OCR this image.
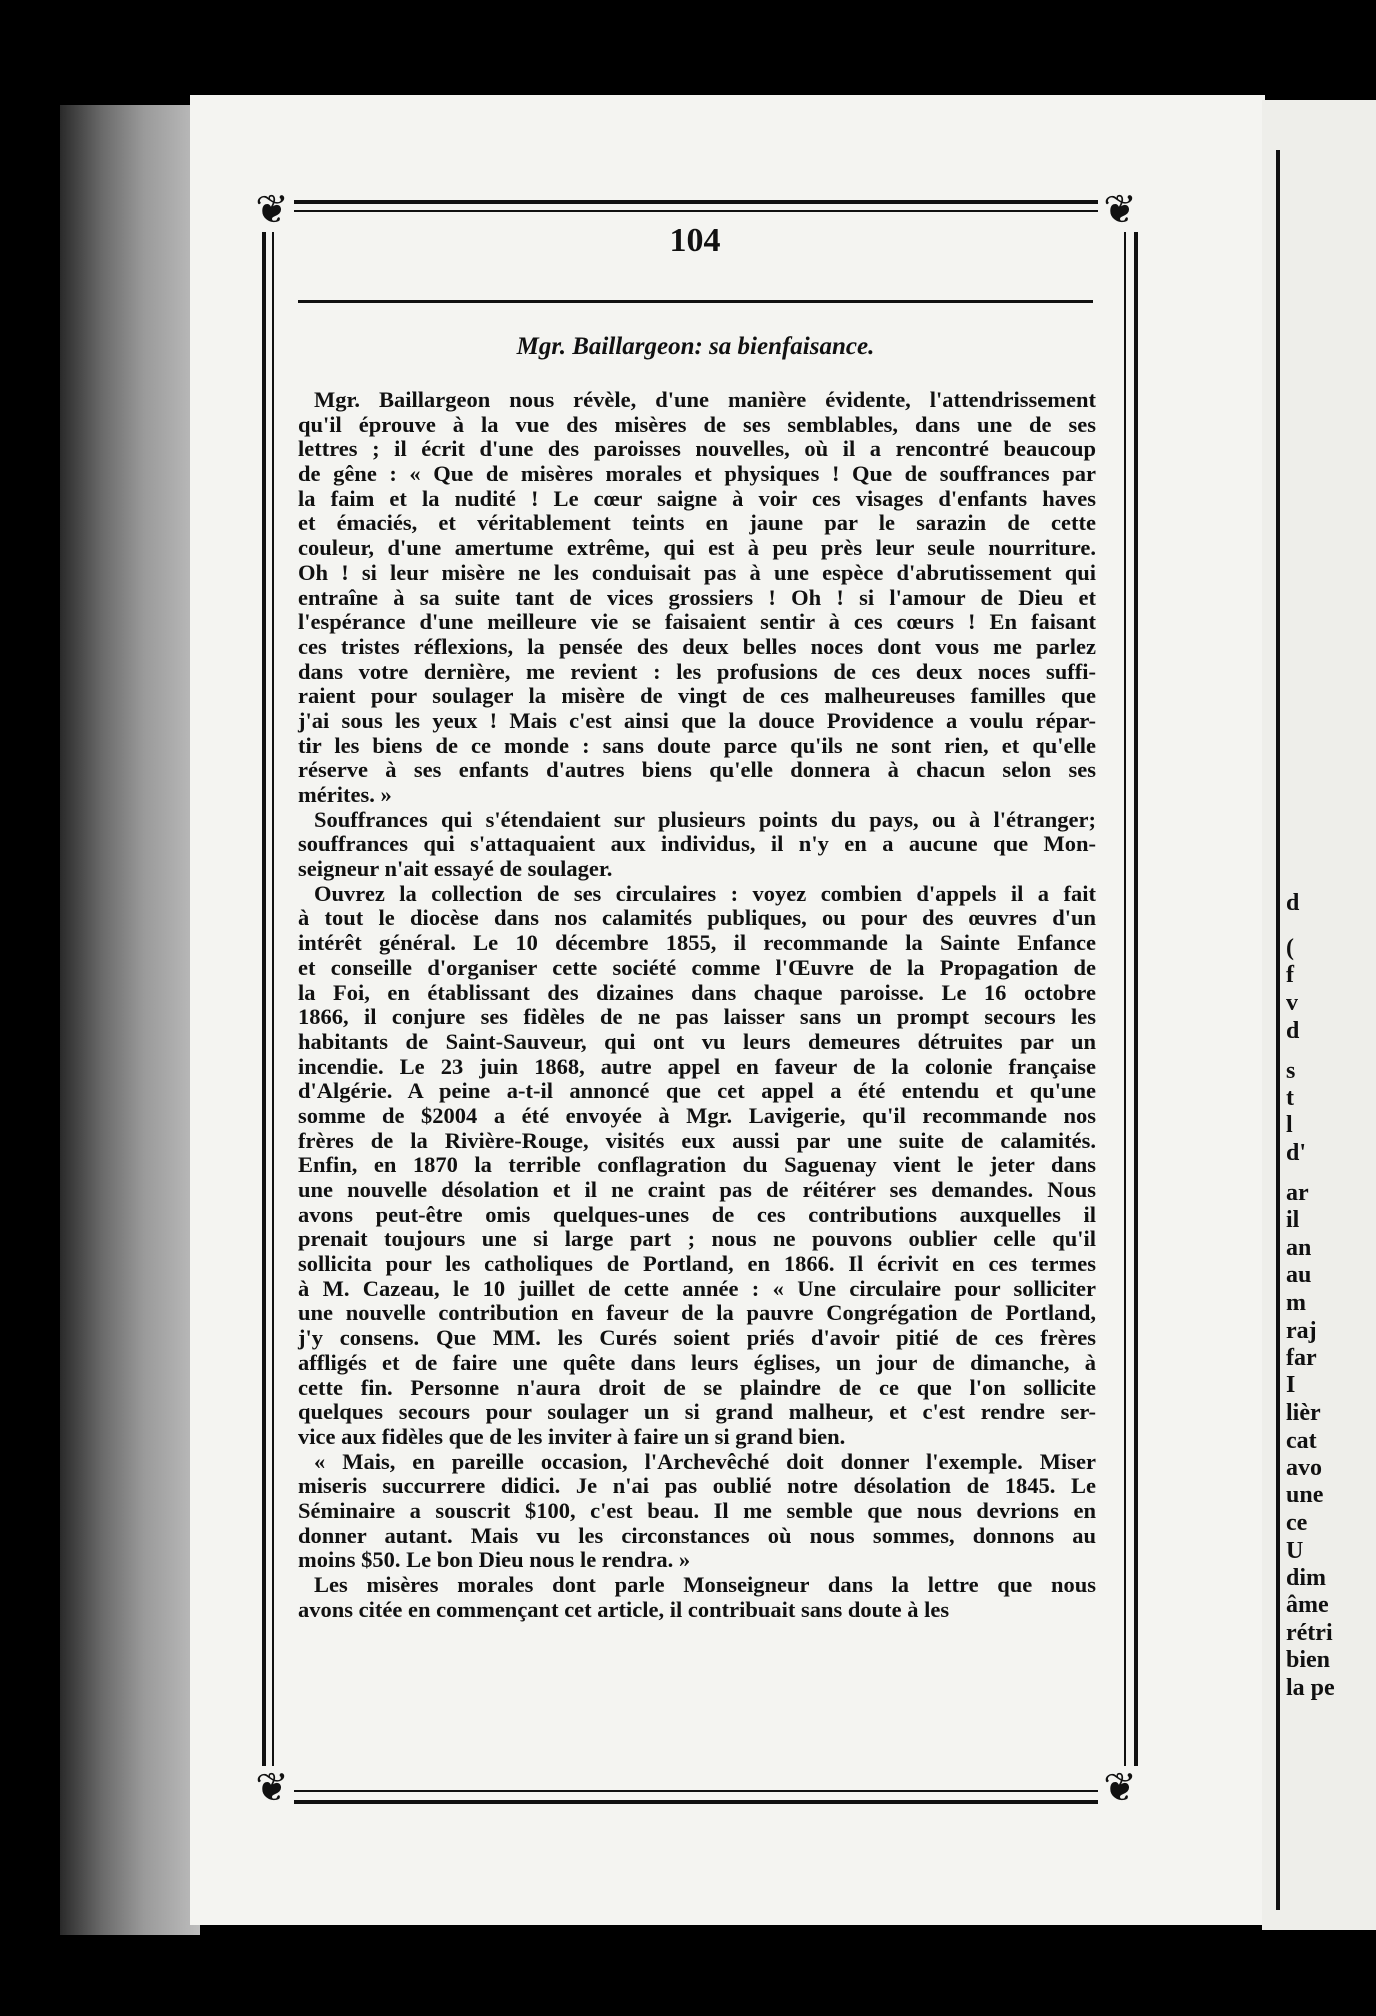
d
(
f
v
d
s
t
l
d'
ar
il
an
au
m
raj
far
I
lièr
cat
avo
une
ce
U
dim
âme
rétri
bien
la pe
❦	❦
❦	❦
104
Mgr. Baillargeon: sa bienfaisance.
Mgr. Baillargeon nous révèle, d'une manière évidente, l'attendrissement
qu'il éprouve à la vue des misères de ses semblables, dans une de ses
lettres ; il écrit d'une des paroisses nouvelles, où il a rencontré beaucoup
de gêne : « Que de misères morales et physiques ! Que de souffrances par
la faim et la nudité ! Le cœur saigne à voir ces visages d'enfants haves
et émaciés, et véritablement teints en jaune par le sarazin de cette
couleur, d'une amertume extrême, qui est à peu près leur seule nourriture.
Oh ! si leur misère ne les conduisait pas à une espèce d'abrutissement qui
entraîne à sa suite tant de vices grossiers ! Oh ! si l'amour de Dieu et
l'espérance d'une meilleure vie se faisaient sentir à ces cœurs ! En faisant
ces tristes réflexions, la pensée des deux belles noces dont vous me parlez
dans votre dernière, me revient : les profusions de ces deux noces suffi-
raient pour soulager la misère de vingt de ces malheureuses familles que
j'ai sous les yeux ! Mais c'est ainsi que la douce Providence a voulu répar-
tir les biens de ce monde : sans doute parce qu'ils ne sont rien, et qu'elle
réserve à ses enfants d'autres biens qu'elle donnera à chacun selon ses
mérites. »
Souffrances qui s'étendaient sur plusieurs points du pays, ou à l'étranger;
souffrances qui s'attaquaient aux individus, il n'y en a aucune que Mon-
seigneur n'ait essayé de soulager.
Ouvrez la collection de ses circulaires : voyez combien d'appels il a fait
à tout le diocèse dans nos calamités publiques, ou pour des œuvres d'un
intérêt général. Le 10 décembre 1855, il recommande la Sainte Enfance
et conseille d'organiser cette société comme l'Œuvre de la Propagation de
la Foi, en établissant des dizaines dans chaque paroisse. Le 16 octobre
1866, il conjure ses fidèles de ne pas laisser sans un prompt secours les
habitants de Saint-Sauveur, qui ont vu leurs demeures détruites par un
incendie. Le 23 juin 1868, autre appel en faveur de la colonie française
d'Algérie. A peine a-t-il annoncé que cet appel a été entendu et qu'une
somme de $2004 a été envoyée à Mgr. Lavigerie, qu'il recommande nos
frères de la Rivière-Rouge, visités eux aussi par une suite de calamités.
Enfin, en 1870 la terrible conflagration du Saguenay vient le jeter dans
une nouvelle désolation et il ne craint pas de réitérer ses demandes. Nous
avons peut-être omis quelques-unes de ces contributions auxquelles il
prenait toujours une si large part ; nous ne pouvons oublier celle qu'il
sollicita pour les catholiques de Portland, en 1866. Il écrivit en ces termes
à M. Cazeau, le 10 juillet de cette année : « Une circulaire pour solliciter
une nouvelle contribution en faveur de la pauvre Congrégation de Portland,
j'y consens. Que MM. les Curés soient priés d'avoir pitié de ces frères
affligés et de faire une quête dans leurs églises, un jour de dimanche, à
cette fin. Personne n'aura droit de se plaindre de ce que l'on sollicite
quelques secours pour soulager un si grand malheur, et c'est rendre ser-
vice aux fidèles que de les inviter à faire un si grand bien.
« Mais, en pareille occasion, l'Archevêché doit donner l'exemple. Miser
miseris succurrere didici. Je n'ai pas oublié notre désolation de 1845. Le
Séminaire a souscrit $100, c'est beau. Il me semble que nous devrions en
donner autant. Mais vu les circonstances où nous sommes, donnons au
moins $50. Le bon Dieu nous le rendra. »
Les misères morales dont parle Monseigneur dans la lettre que nous
avons citée en commençant cet article, il contribuait sans doute à les
